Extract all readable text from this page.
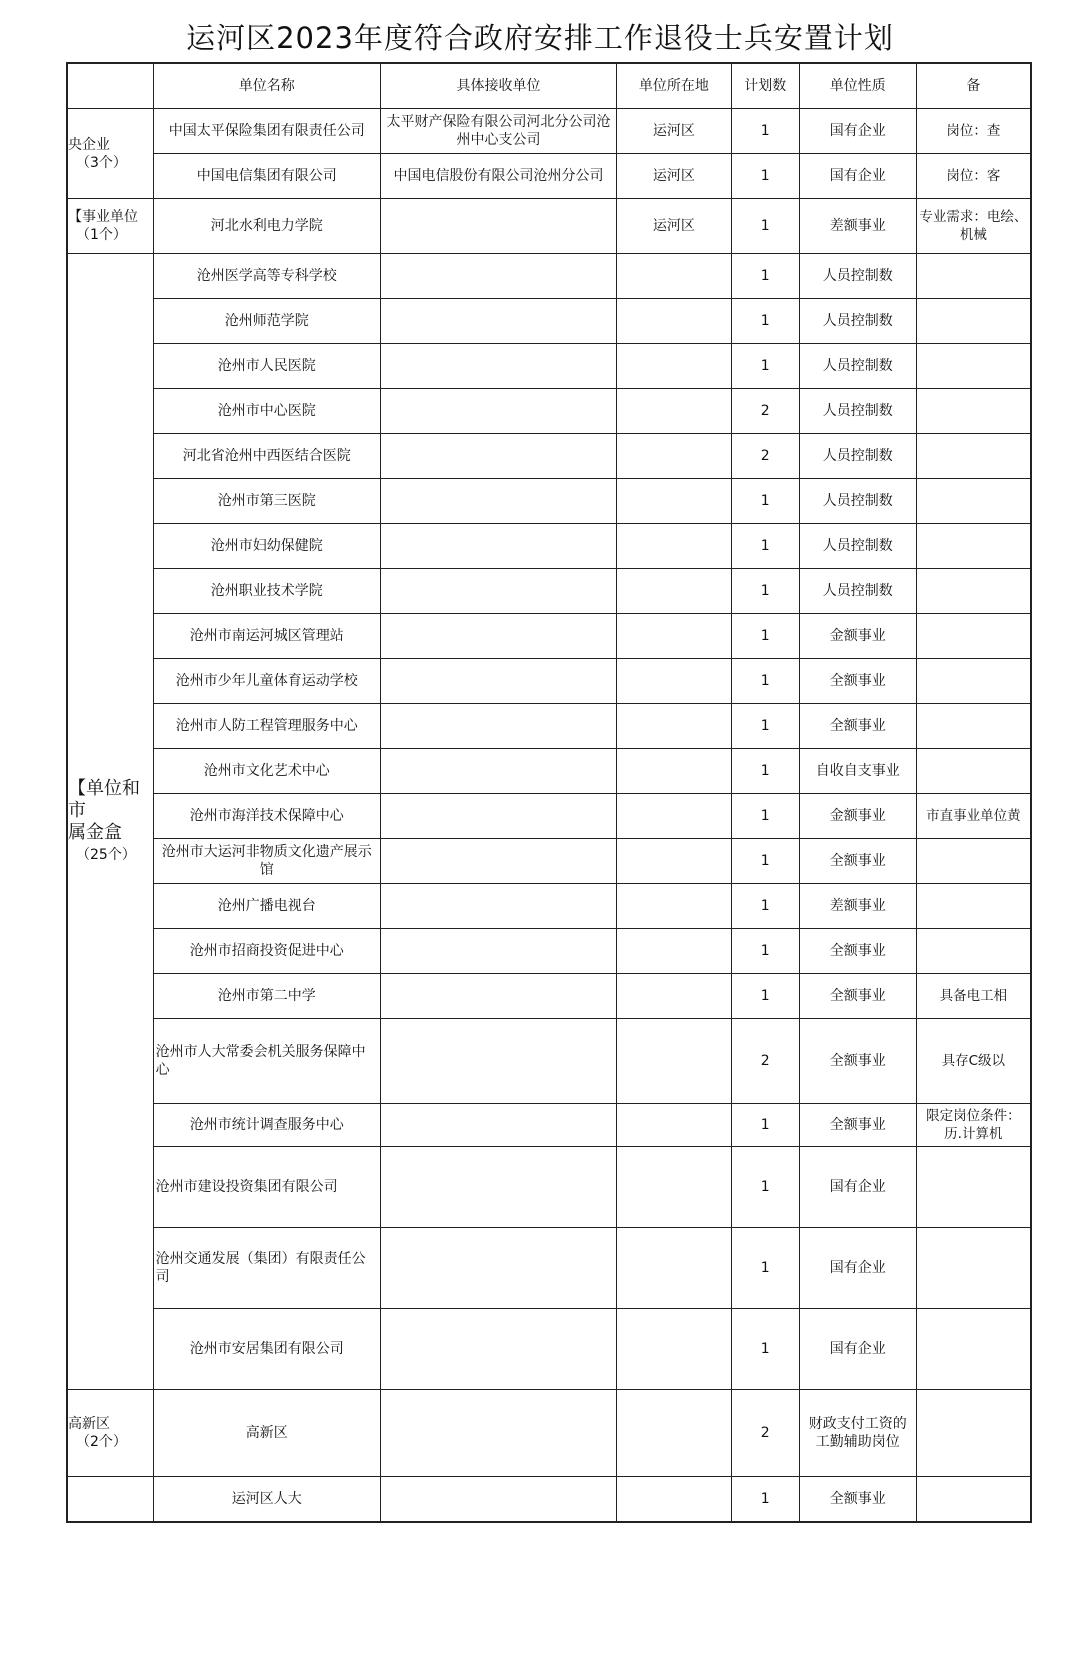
运河区2023年度符合政府安排工作退役士兵安置计划
	单位名称	具体接收单位	单位所在地	计划数	单位性质	备

央企业
（3个）	中国太平保险集团有限责任公司	太平财产保险有限公司河北分公司沧州中心支公司	运河区	1	国有企业	岗位：查
	中国电信集团有限公司	中国电信股份有限公司沧州分公司	运河区	1	国有企业	岗位：客

【事业单位
（1个）	河北水利电力学院		运河区	1	差额事业	专业需求：电绘、机械

【单位和
市
属金盒
（25个）	沧州医学高等专科学校			1	人员控制数	
	沧州师范学院			1	人员控制数	
	沧州市人民医院			1	人员控制数	
	沧州市中心医院			2	人员控制数	
	河北省沧州中西医结合医院			2	人员控制数	
	沧州市第三医院			1	人员控制数	
	沧州市妇幼保健院			1	人员控制数	
	沧州职业技术学院			1	人员控制数	
	沧州市南运河城区管理站			1	金额事业	
	沧州市少年儿童体育运动学校			1	全额事业	
	沧州市人防工程管理服务中心			1	全额事业	
	沧州市文化艺术中心			1	自收自支事业	
	沧州市海洋技术保障中心			1	金额事业	市直事业单位黄
	沧州市大运河非物质文化遗产展示馆			1	全额事业	
	沧州广播电视台			1	差额事业	
	沧州市招商投资促进中心			1	全额事业	
	沧州市第二中学			1	全额事业	具备电工相
	沧州市人大常委会机关服务保障中心			2	全额事业	具存C级以
	沧州市统计调查服务中心			1	全额事业	限定岗位条件：历.计算机
	沧州市建设投资集团有限公司			1	国有企业	
	沧州交通发展（集团）有限责任公司			1	国有企业	
	沧州市安居集团有限公司			1	国有企业	

高新区
（2个）	高新区			2	财政支付工资的工勤辅助岗位	
	运河区人大			1	全额事业	
